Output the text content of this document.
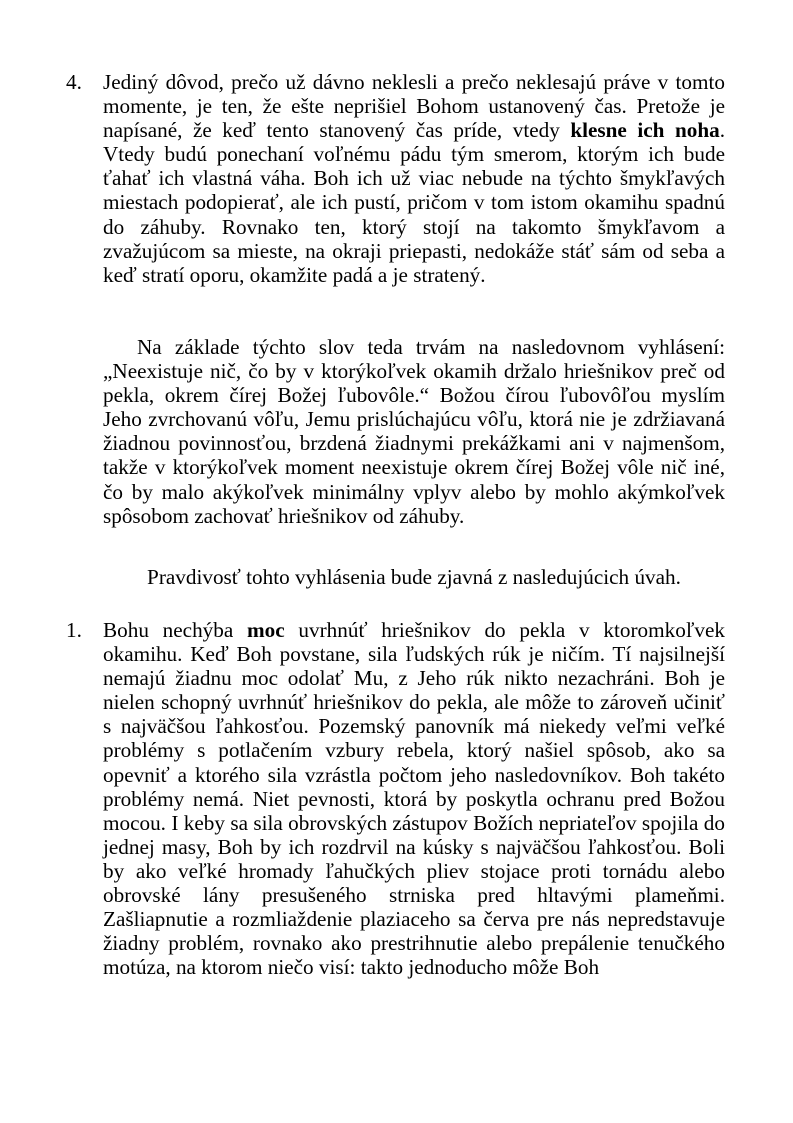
4. Jediný dôvod, prečo už dávno neklesli a prečo neklesajú práve v tomto momente, je ten, že ešte neprišiel Bohom ustanovený čas. Pretože je napísané, že keď tento stanovený čas príde, vtedy klesne ich noha. Vtedy budú ponechaní voľnému pádu tým smerom, ktorým ich bude ťahať ich vlastná váha. Boh ich už viac nebude na týchto šmykľavých miestach podopierať, ale ich pustí, pričom v tom istom okamihu spadnú do záhuby. Rovnako ten, ktorý stojí na takomto šmykľavom a zvažujúcom sa mieste, na okraji priepasti, nedokáže stáť sám od seba a keď stratí oporu, okamžite padá a je stratený.
Na základe týchto slov teda trvám na nasledovnom vyhlásení: „Neexistuje nič, čo by v ktorýkoľvek okamih držalo hriešnikov preč od pekla, okrem čírej Božej ľubovôle.“ Božou čírou ľubovôľou myslím Jeho zvrchovanú vôľu, Jemu prislúchajúcu vôľu, ktorá nie je zdržiavaná žiadnou povinnosťou, brzdená žiadnymi prekážkami ani v najmenšom, takže v ktorýkoľvek moment neexistuje okrem čírej Božej vôle nič iné, čo by malo akýkoľvek minimálny vplyv alebo by mohlo akýmkoľvek spôsobom zachovať hriešnikov od záhuby.
Pravdivosť tohto vyhlásenia bude zjavná z nasledujúcich úvah.
1. Bohu nechýba moc uvrhnúť hriešnikov do pekla v ktoromkoľvek okamihu. Keď Boh povstane, sila ľudských rúk je ničím. Tí najsilnejší nemajú žiadnu moc odolať Mu, z Jeho rúk nikto nezachráni. Boh je nielen schopný uvrhnúť hriešnikov do pekla, ale môže to zároveň učiniť s najväčšou ľahkosťou. Pozemský panovník má niekedy veľmi veľké problémy s potlačením vzbury rebela, ktorý našiel spôsob, ako sa opevniť a ktorého sila vzrástla počtom jeho nasledovníkov. Boh takéto problémy nemá. Niet pevnosti, ktorá by poskytla ochranu pred Božou mocou. I keby sa sila obrovských zástupov Božích nepriateľov spojila do jednej masy, Boh by ich rozdrvil na kúsky s najväčšou ľahkosťou. Boli by ako veľké hromady ľahučkých pliev stojace proti tornádu alebo obrovské lány presušeného strniska pred hltavými plameňmi. Zašliapnutie a rozmliaždenie plaziaceho sa červa pre nás nepredstavuje žiadny problém, rovnako ako prestrihnutie alebo prepálenie tenučkého motúza, na ktorom niečo visí: takto jednoducho môže Boh
